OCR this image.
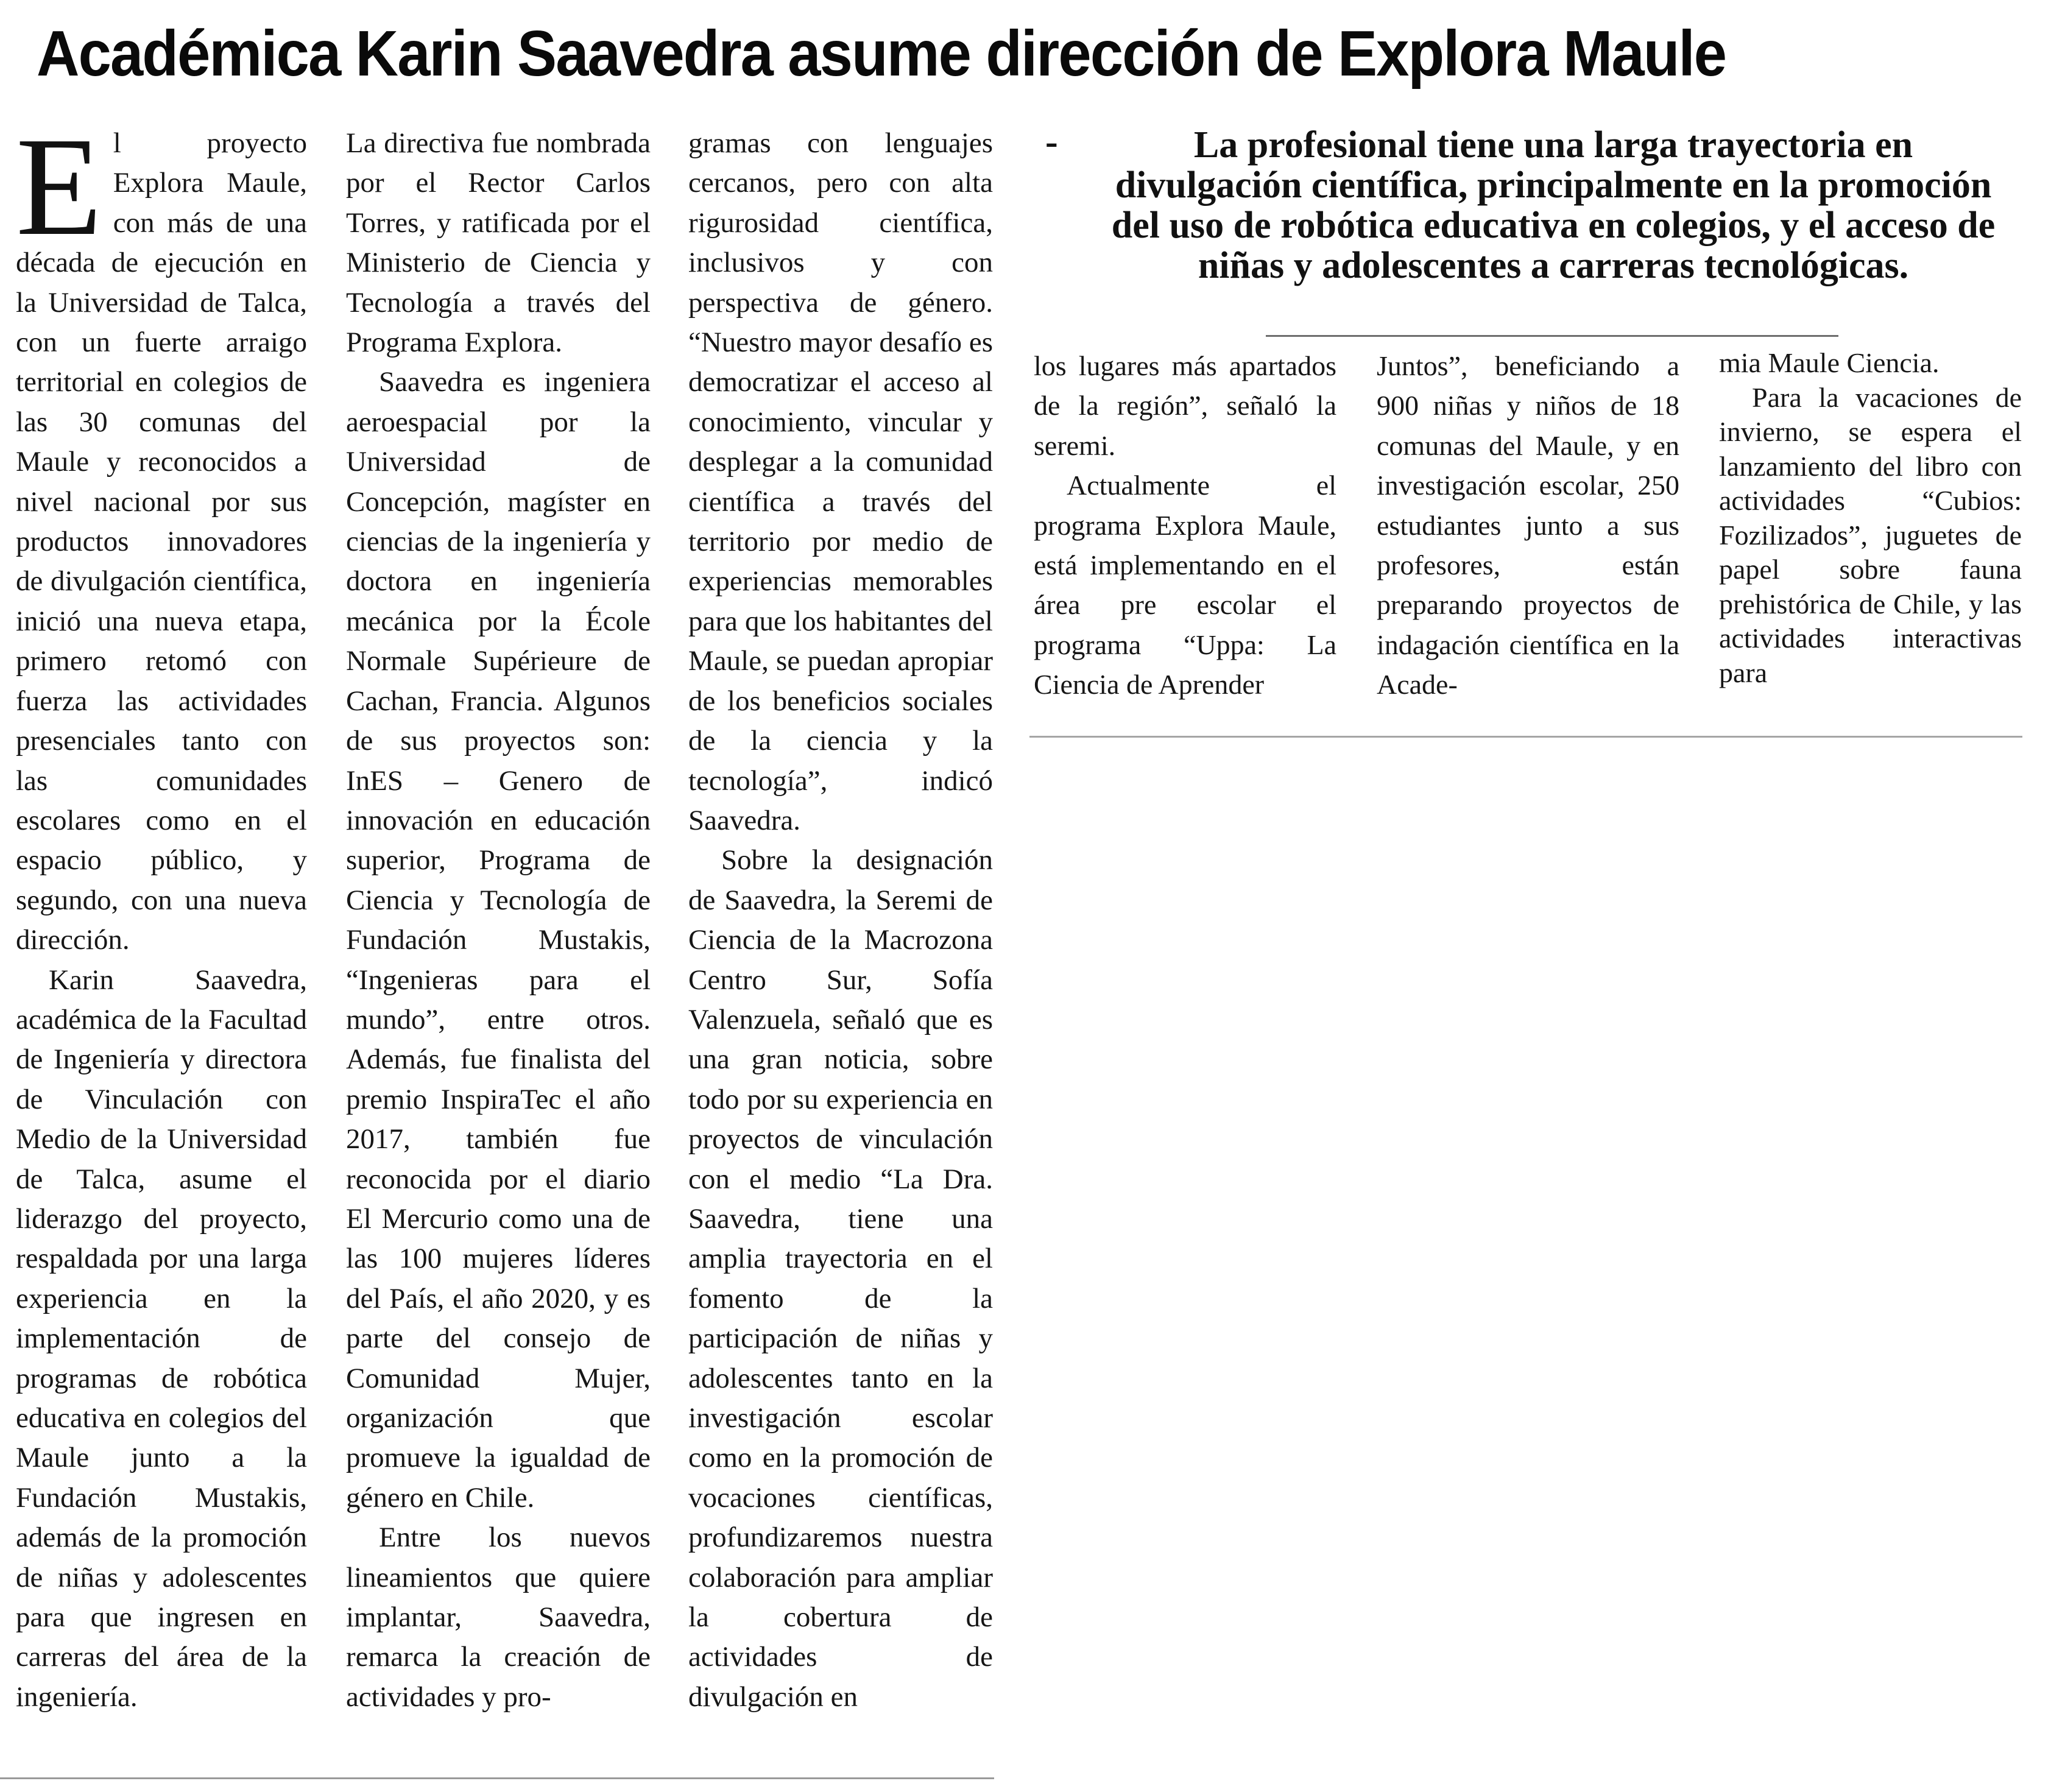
Académica Karin Saavedra asume dirección de Explora Maule
-	La profesional tiene una larga trayectoria en divulgación científica, principalmente en la promoción del uso de robótica educativa en colegios, y el acceso de niñas y adolescentes a carreras tecnológicas.

E l proyecto Explora Maule, con más de una década de ejecución en la Universidad de Talca, con un fuerte arraigo territorial en colegios de las 30 comunas del Maule y reconocidos a nivel nacional por sus productos innovadores de divulgación científica, inició una nueva etapa, primero retomó con fuerza las actividades presenciales tanto con las comunidades escolares como en el espacio público, y segundo, con una nueva dirección.

Karin Saavedra, académica de la Facultad de Ingeniería y directora de Vinculación con Medio de la Universidad de Talca, asume el liderazgo del proyecto, respaldada por una larga experiencia en la implementación de programas de robótica educativa en colegios del Maule junto a la Fundación Mustakis, además de la promoción de niñas y adolescentes para que ingresen en carreras del área de la ingeniería.

La directiva fue nombrada por el Rector Carlos Torres, y ratificada por el Ministerio de Ciencia y Tecnología a través del Programa Explora.

Saavedra es ingeniera aeroespacial por la Universidad de Concepción, magíster en ciencias de la ingeniería y doctora en ingeniería mecánica por la École Normale Supérieure de Cachan, Francia. Algunos de sus proyectos son: InES – Genero de innovación en educación superior, Programa de Ciencia y Tecnología de Fundación Mustakis, “Ingenieras para el mundo”, entre otros. Además, fue finalista del premio InspiraTec el año 2017, también fue reconocida por el diario El Mercurio como una de las 100 mujeres líderes del País, el año 2020, y es parte del consejo de Comunidad Mujer, organización que promueve la igualdad de género en Chile.

Entre los nuevos lineamientos que quiere implantar, Saavedra, remarca la creación de actividades y pro-

gramas con lenguajes cercanos, pero con alta rigurosidad científica, inclusivos y con perspectiva de género. “Nuestro mayor desafío es democratizar el acceso al conocimiento, vincular y desplegar a la comunidad científica a través del territorio por medio de experiencias memorables para que los habitantes del Maule, se puedan apropiar de los beneficios sociales de la ciencia y la tecnología”, indicó Saavedra.

Sobre la designación de Saavedra, la Seremi de Ciencia de la Macrozona Centro Sur, Sofía Valenzuela, señaló que es una gran noticia, sobre todo por su experiencia en proyectos de vinculación con el medio “La Dra. Saavedra, tiene una amplia trayectoria en el fomento de la participación de niñas y adolescentes tanto en la investigación escolar como en la promoción de vocaciones científicas, profundizaremos nuestra colaboración para ampliar la cobertura de actividades de divulgación en

los lugares más apartados de la región”, señaló la seremi.

Actualmente el programa Explora Maule, está implementando en el área pre escolar el programa “Uppa: La Ciencia de Aprender

Juntos”, beneficiando a 900 niñas y niños de 18 comunas del Maule, y en investigación escolar, 250 estudiantes junto a sus profesores, están preparando proyectos de indagación científica en la Acade-

mia Maule Ciencia.

Para la vacaciones de invierno, se espera el lanzamiento del libro con actividades “Cubios: Fozilizados”, juguetes de papel sobre fauna prehistórica de Chile, y las actividades interactivas para
